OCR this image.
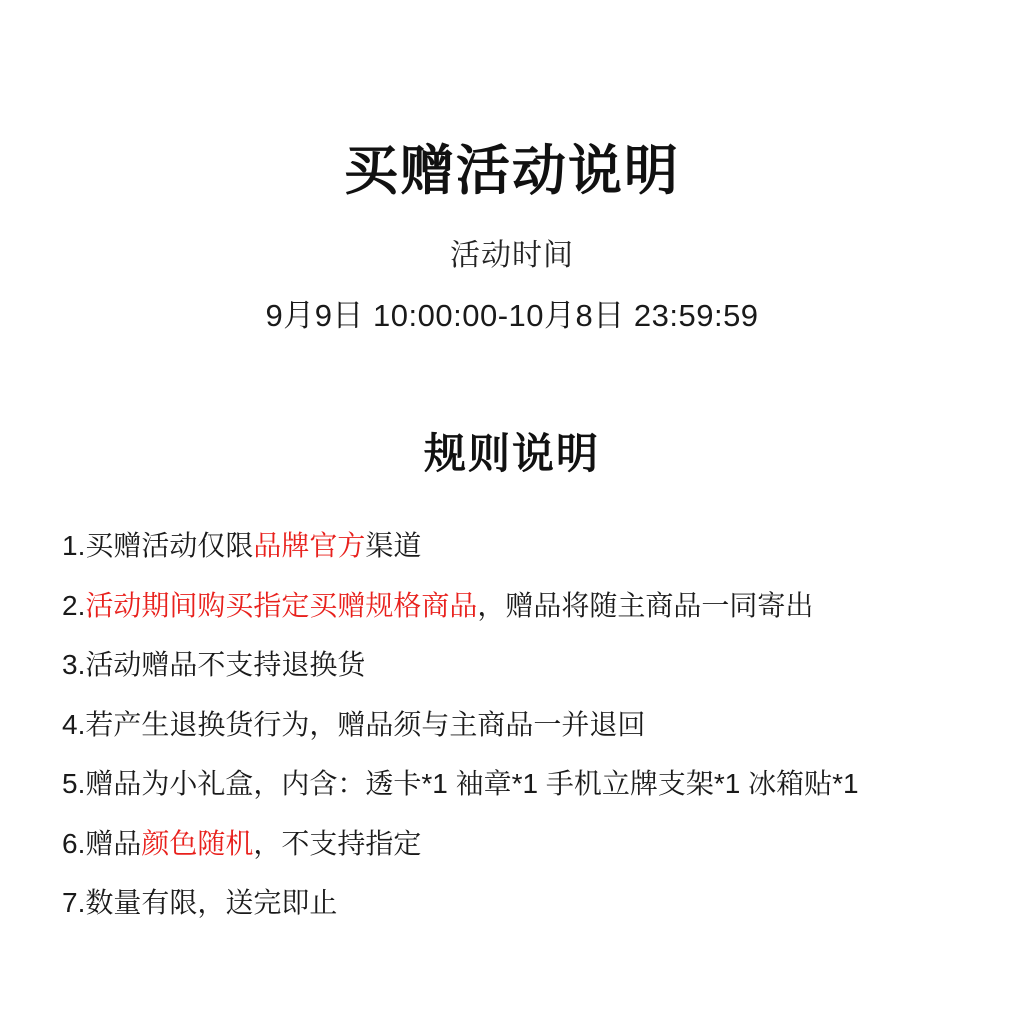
买赠活动说明
活动时间
9月9日 10:00:00-10月8日 23:59:59
规则说明
1.买赠活动仅限品牌官方渠道
2.活动期间购买指定买赠规格商品，赠品将随主商品一同寄出
3.活动赠品不支持退换货
4.若产生退换货行为，赠品须与主商品一并退回
5.赠品为小礼盒，内含：透卡*1 袖章*1 手机立牌支架*1 冰箱贴*1
6.赠品颜色随机，不支持指定
7.数量有限，送完即止
